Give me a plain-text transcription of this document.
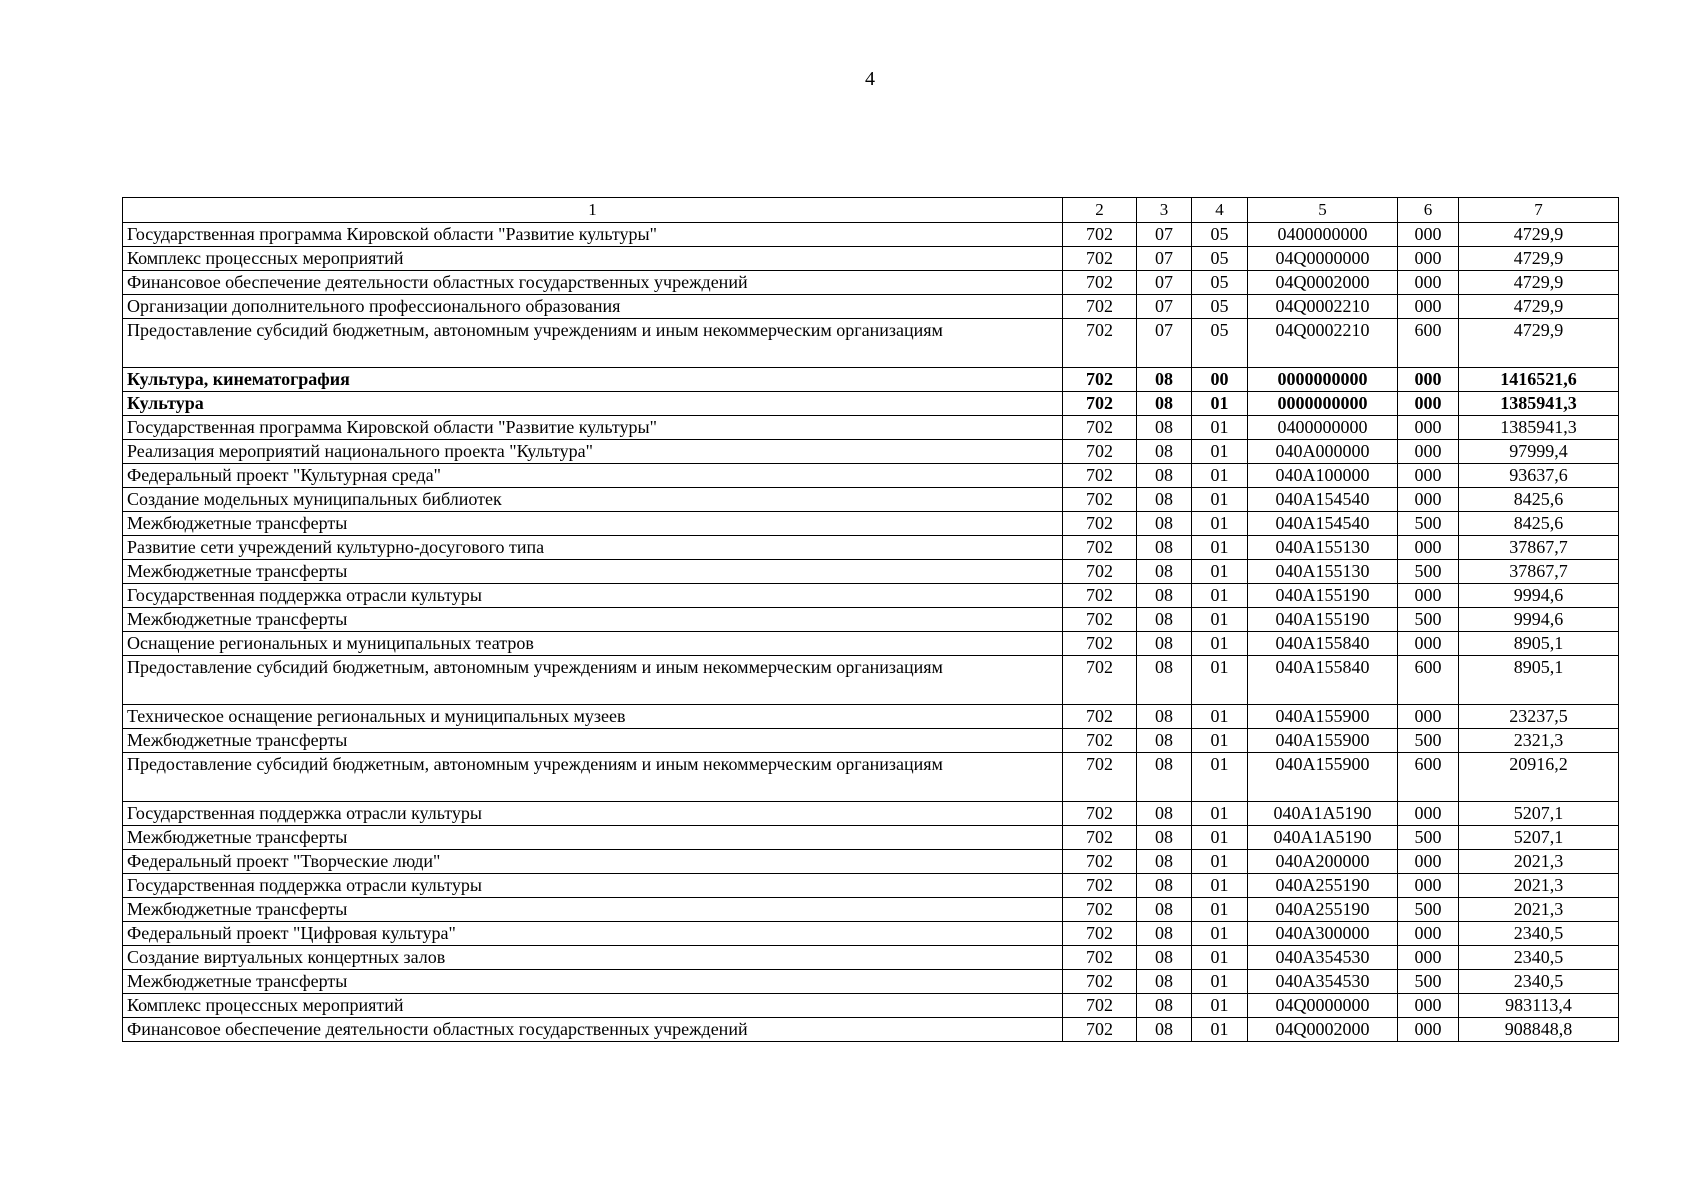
4
1	2	3	4	5	6	7
Государственная программа Кировской области "Развитие культуры"	702	07	05	0400000000	000	4729,9
Комплекс процессных мероприятий	702	07	05	04Q0000000	000	4729,9
Финансовое обеспечение деятельности областных государственных учреждений	702	07	05	04Q0002000	000	4729,9
Организации дополнительного профессионального образования	702	07	05	04Q0002210	000	4729,9
Предоставление субсидий бюджетным, автономным учреждениям и иным некоммерческим организациям	702	07	05	04Q0002210	600	4729,9
Культура, кинематография	702	08	00	0000000000	000	1416521,6
Культура	702	08	01	0000000000	000	1385941,3
Государственная программа Кировской области "Развитие культуры"	702	08	01	0400000000	000	1385941,3
Реализация мероприятий национального проекта "Культура"	702	08	01	040A000000	000	97999,4
Федеральный проект "Культурная среда"	702	08	01	040A100000	000	93637,6
Создание модельных муниципальных библиотек	702	08	01	040A154540	000	8425,6
Межбюджетные трансферты	702	08	01	040A154540	500	8425,6
Развитие сети учреждений культурно-досугового типа	702	08	01	040A155130	000	37867,7
Межбюджетные трансферты	702	08	01	040A155130	500	37867,7
Государственная поддержка отрасли культуры	702	08	01	040A155190	000	9994,6
Межбюджетные трансферты	702	08	01	040A155190	500	9994,6
Оснащение региональных и муниципальных театров	702	08	01	040A155840	000	8905,1
Предоставление субсидий бюджетным, автономным учреждениям и иным некоммерческим организациям	702	08	01	040A155840	600	8905,1
Техническое оснащение региональных и муниципальных музеев	702	08	01	040A155900	000	23237,5
Межбюджетные трансферты	702	08	01	040A155900	500	2321,3
Предоставление субсидий бюджетным, автономным учреждениям и иным некоммерческим организациям	702	08	01	040A155900	600	20916,2
Государственная поддержка отрасли культуры	702	08	01	040A1A5190	000	5207,1
Межбюджетные трансферты	702	08	01	040A1A5190	500	5207,1
Федеральный проект "Творческие люди"	702	08	01	040A200000	000	2021,3
Государственная поддержка отрасли культуры	702	08	01	040A255190	000	2021,3
Межбюджетные трансферты	702	08	01	040A255190	500	2021,3
Федеральный проект "Цифровая культура"	702	08	01	040A300000	000	2340,5
Создание виртуальных концертных залов	702	08	01	040A354530	000	2340,5
Межбюджетные трансферты	702	08	01	040A354530	500	2340,5
Комплекс процессных мероприятий	702	08	01	04Q0000000	000	983113,4
Финансовое обеспечение деятельности областных государственных учреждений	702	08	01	04Q0002000	000	908848,8
